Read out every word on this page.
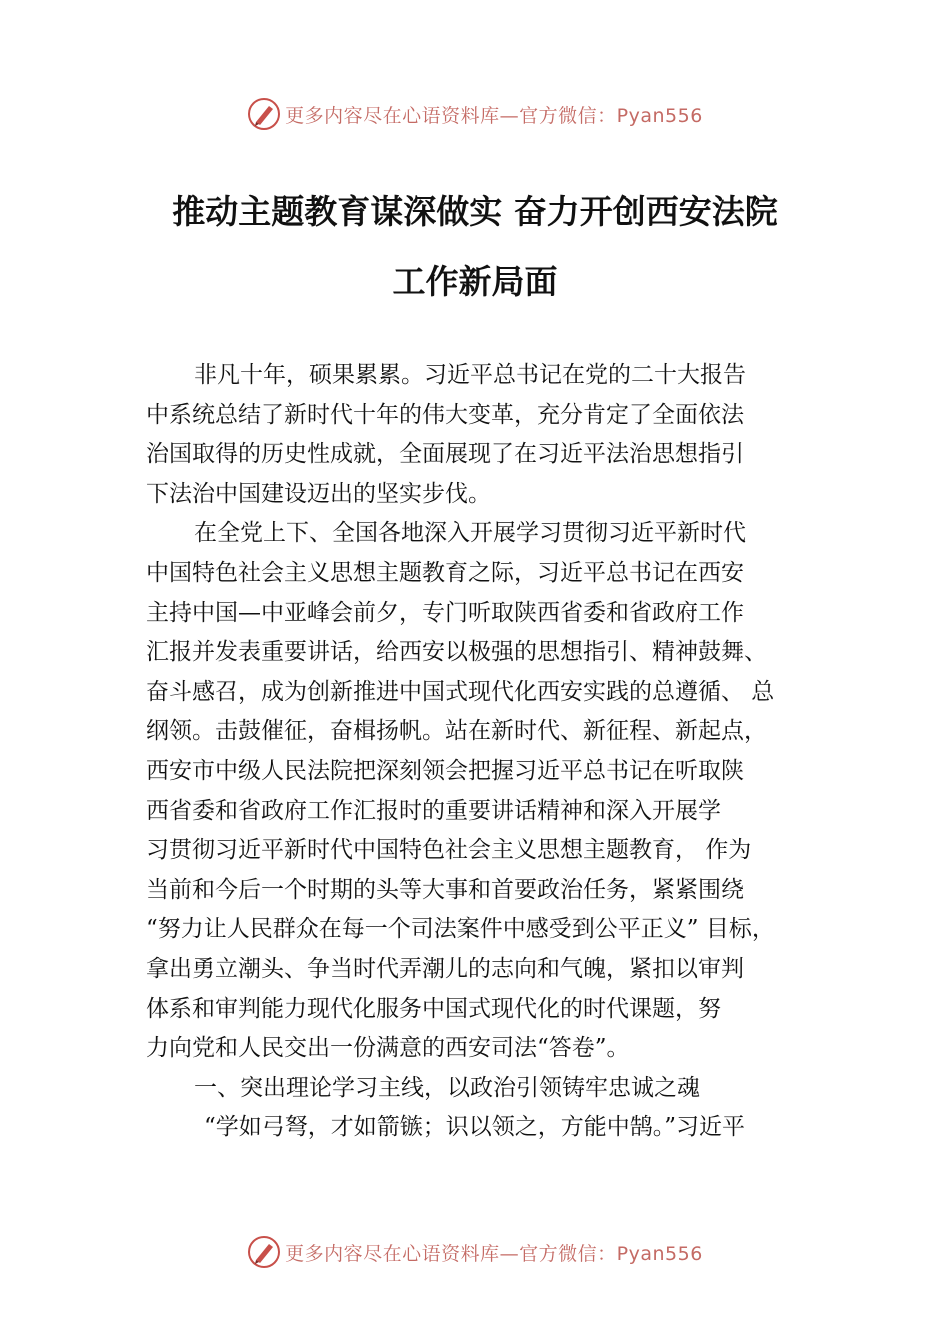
更多内容尽在心语资料库—官方微信：Pyan556
推动主题教育谋深做实 奋力开创西安法院
工作新局面
非凡十年，硕果累累。习近平总书记在党的二十大报告
中系统总结了新时代十年的伟大变革，充分肯定了全面依法
治国取得的历史性成就，全面展现了在习近平法治思想指引
下法治中国建设迈出的坚实步伐。
在全党上下、全国各地深入开展学习贯彻习近平新时代
中国特色社会主义思想主题教育之际，习近平总书记在西安
主持中国—中亚峰会前夕，专门听取陕西省委和省政府工作
汇报并发表重要讲话，给西安以极强的思想指引、精神鼓舞、
奋斗感召，成为创新推进中国式现代化西安实践的总遵循、 总
纲领。击鼓催征，奋楫扬帆。站在新时代、新征程、新起点，
西安市中级人民法院把深刻领会把握习近平总书记在听取陕
西省委和省政府工作汇报时的重要讲话精神和深入开展学
习贯彻习近平新时代中国特色社会主义思想主题教育， 作为
当前和今后一个时期的头等大事和首要政治任务，紧紧围绕
“努力让人民群众在每一个司法案件中感受到公平正义” 目标，
拿出勇立潮头、争当时代弄潮儿的志向和气魄，紧扣以审判
体系和审判能力现代化服务中国式现代化的时代课题，努
力向党和人民交出一份满意的西安司法“答卷”。
一、突出理论学习主线，以政治引领铸牢忠诚之魂
“学如弓弩，才如箭镞；识以领之，方能中鹄。”习近平
更多内容尽在心语资料库—官方微信：Pyan556
